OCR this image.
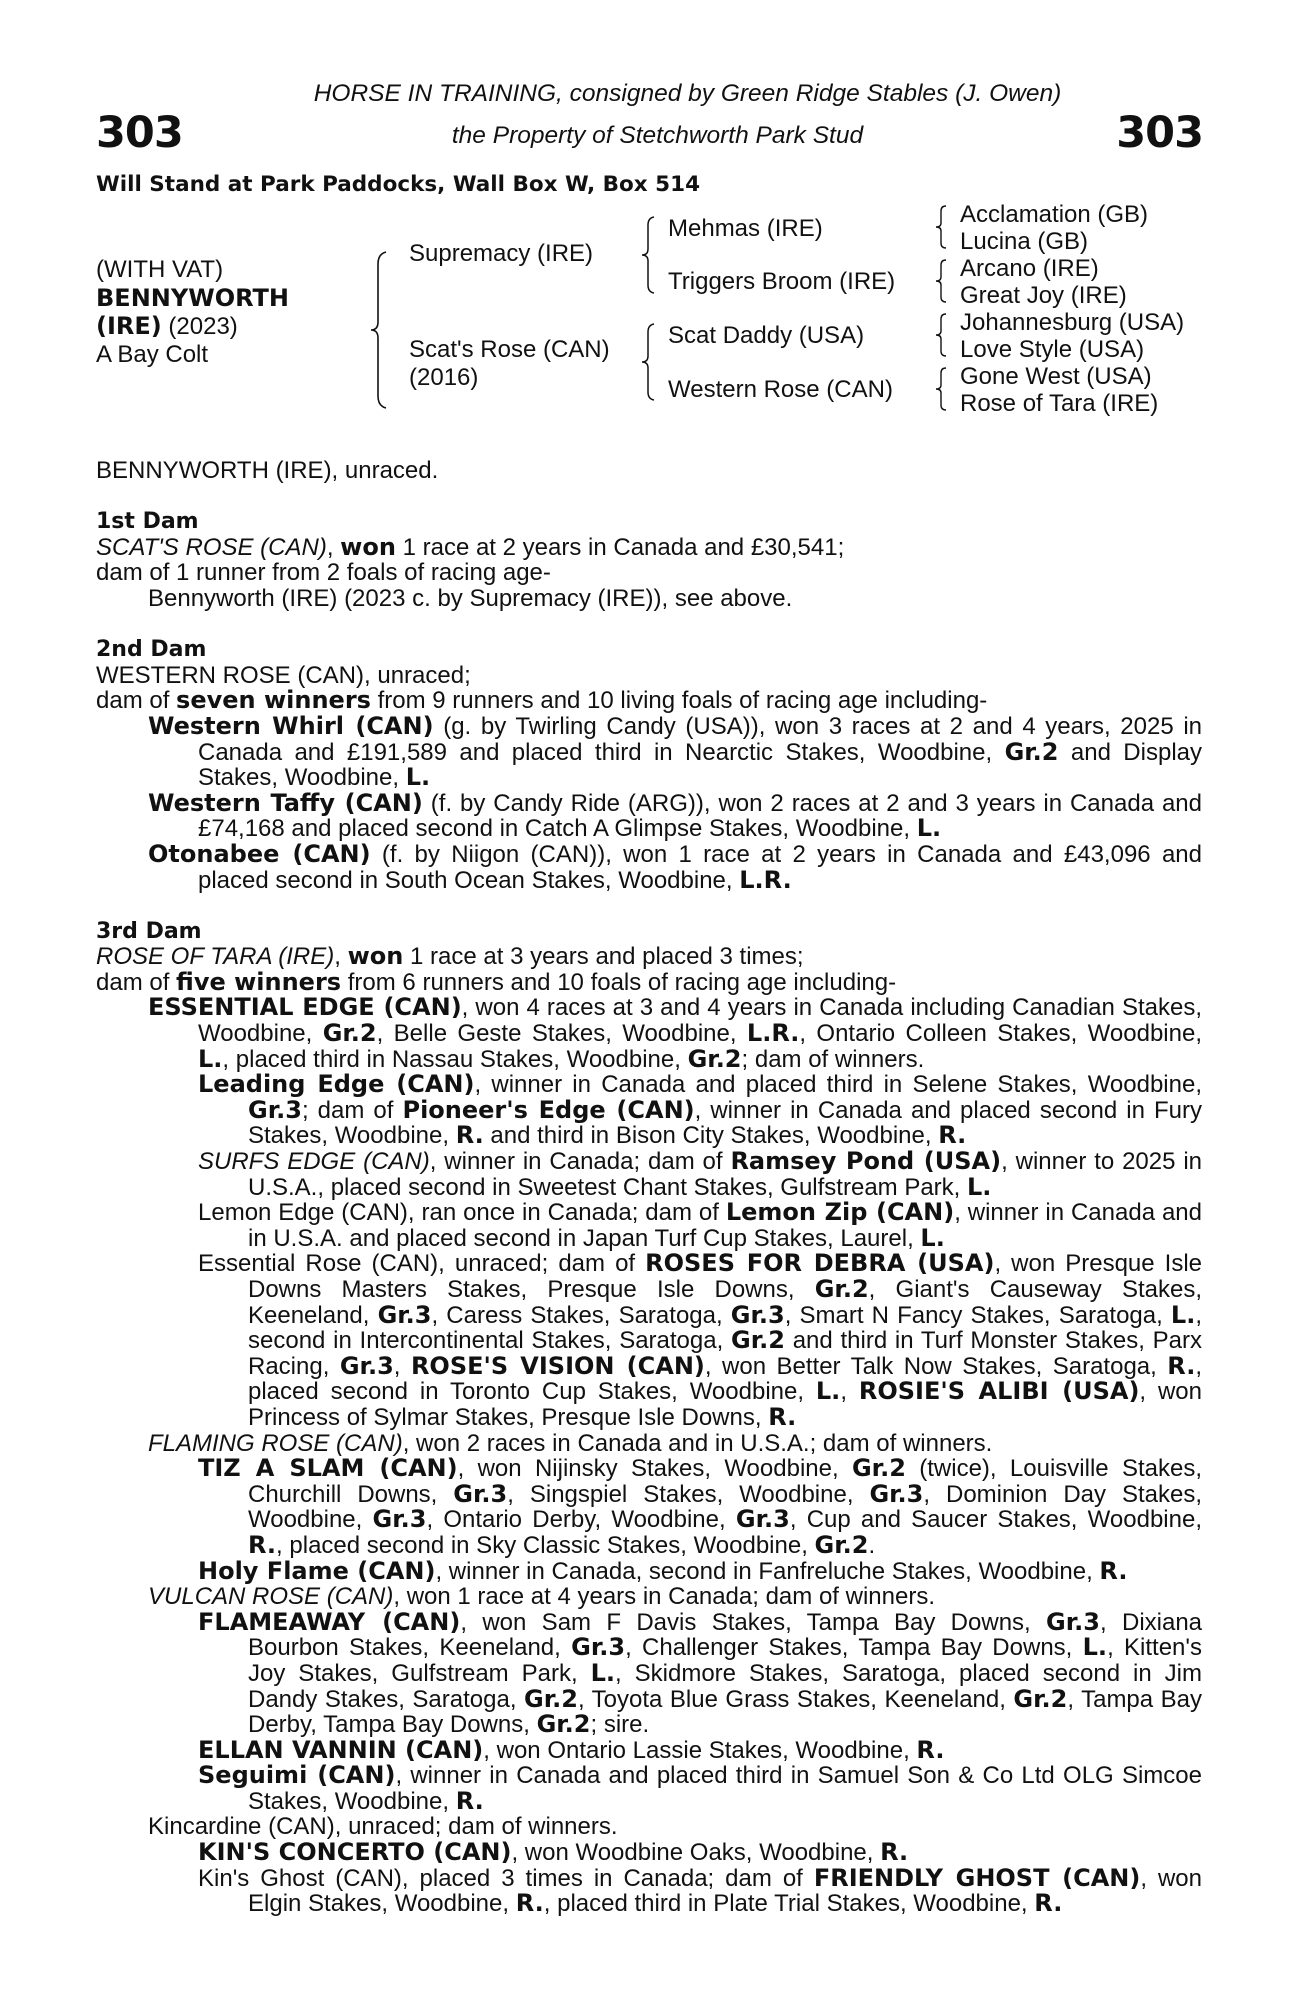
303	303
HORSE IN TRAINING, consigned by Green Ridge Stables (J. Owen)
the Property of Stetchworth Park Stud
Will Stand at Park Paddocks, Wall Box W, Box 514
(WITH VAT)
BENNYWORTH
(IRE) (2023)
A Bay Colt
Supremacy (IRE)
Scat's Rose (CAN)
(2016)
Mehmas (IRE)
Triggers Broom (IRE)
Scat Daddy (USA)
Western Rose (CAN)
Acclamation (GB)
Lucina (GB)
Arcano (IRE)
Great Joy (IRE)
Johannesburg (USA)
Love Style (USA)
Gone West (USA)
Rose of Tara (IRE)

BENNYWORTH (IRE), unraced.

1st Dam

SCAT'S ROSE (CAN), won 1 race at 2 years in Canada and £30,541;

dam of 1 runner from 2 foals of racing age-

Bennyworth (IRE) (2023 c. by Supremacy (IRE)), see above.

2nd Dam

WESTERN ROSE (CAN), unraced;

dam of seven winners from 9 runners and 10 living foals of racing age including-

Western Whirl (CAN) (g. by Twirling Candy (USA)), won 3 races at 2 and 4 years, 2025 in Canada and £191,589 and placed third in Nearctic Stakes, Woodbine, Gr.2 and Display Stakes, Woodbine, L.

Western Taffy (CAN) (f. by Candy Ride (ARG)), won 2 races at 2 and 3 years in Canada and £74,168 and placed second in Catch A Glimpse Stakes, Woodbine, L.

Otonabee (CAN) (f. by Niigon (CAN)), won 1 race at 2 years in Canada and £43,096 and placed second in South Ocean Stakes, Woodbine, L.R.

3rd Dam

ROSE OF TARA (IRE), won 1 race at 3 years and placed 3 times;

dam of five winners from 6 runners and 10 foals of racing age including-

ESSENTIAL EDGE (CAN), won 4 races at 3 and 4 years in Canada including Canadian Stakes, Woodbine, Gr.2, Belle Geste Stakes, Woodbine, L.R., Ontario Colleen Stakes, Woodbine, L., placed third in Nassau Stakes, Woodbine, Gr.2; dam of winners.

Leading Edge (CAN), winner in Canada and placed third in Selene Stakes, Woodbine, Gr.3; dam of Pioneer's Edge (CAN), winner in Canada and placed second in Fury Stakes, Woodbine, R. and third in Bison City Stakes, Woodbine, R.

SURFS EDGE (CAN), winner in Canada; dam of Ramsey Pond (USA), winner to 2025 in U.S.A., placed second in Sweetest Chant Stakes, Gulfstream Park, L.

Lemon Edge (CAN), ran once in Canada; dam of Lemon Zip (CAN), winner in Canada and in U.S.A. and placed second in Japan Turf Cup Stakes, Laurel, L.

Essential Rose (CAN), unraced; dam of ROSES FOR DEBRA (USA), won Presque Isle Downs Masters Stakes, Presque Isle Downs, Gr.2, Giant's Causeway Stakes, Keeneland, Gr.3, Caress Stakes, Saratoga, Gr.3, Smart N Fancy Stakes, Saratoga, L., second in Intercontinental Stakes, Saratoga, Gr.2 and third in Turf Monster Stakes, Parx Racing, Gr.3, ROSE'S VISION (CAN), won Better Talk Now Stakes, Saratoga, R., placed second in Toronto Cup Stakes, Woodbine, L., ROSIE'S ALIBI (USA), won Princess of Sylmar Stakes, Presque Isle Downs, R.

FLAMING ROSE (CAN), won 2 races in Canada and in U.S.A.; dam of winners.

TIZ A SLAM (CAN), won Nijinsky Stakes, Woodbine, Gr.2 (twice), Louisville Stakes, Churchill Downs, Gr.3, Singspiel Stakes, Woodbine, Gr.3, Dominion Day Stakes, Woodbine, Gr.3, Ontario Derby, Woodbine, Gr.3, Cup and Saucer Stakes, Woodbine, R., placed second in Sky Classic Stakes, Woodbine, Gr.2.

Holy Flame (CAN), winner in Canada, second in Fanfreluche Stakes, Woodbine, R.

VULCAN ROSE (CAN), won 1 race at 4 years in Canada; dam of winners.

FLAMEAWAY (CAN), won Sam F Davis Stakes, Tampa Bay Downs, Gr.3, Dixiana Bourbon Stakes, Keeneland, Gr.3, Challenger Stakes, Tampa Bay Downs, L., Kitten's Joy Stakes, Gulfstream Park, L., Skidmore Stakes, Saratoga, placed second in Jim Dandy Stakes, Saratoga, Gr.2, Toyota Blue Grass Stakes, Keeneland, Gr.2, Tampa Bay Derby, Tampa Bay Downs, Gr.2; sire.

ELLAN VANNIN (CAN), won Ontario Lassie Stakes, Woodbine, R.

Seguimi (CAN), winner in Canada and placed third in Samuel Son & Co Ltd OLG Simcoe Stakes, Woodbine, R.

Kincardine (CAN), unraced; dam of winners.

KIN'S CONCERTO (CAN), won Woodbine Oaks, Woodbine, R.

Kin's Ghost (CAN), placed 3 times in Canada; dam of FRIENDLY GHOST (CAN), won Elgin Stakes, Woodbine, R., placed third in Plate Trial Stakes, Woodbine, R.
